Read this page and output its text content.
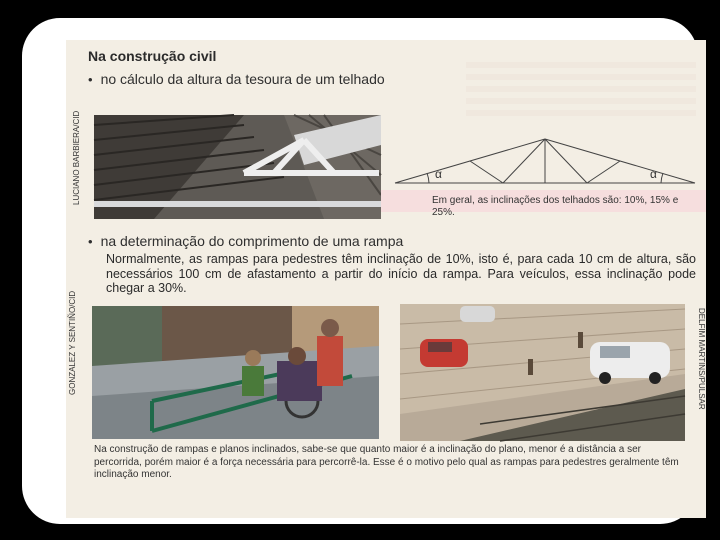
Na construção civil
• no cálculo da altura da tesoura de um telhado
LUCIANO BARBIERA/CID	α	α
Em geral, as inclinações dos telhados são: 10%, 15% e 25%.
• na determinação do comprimento de uma rampa
Normalmente, as rampas para pedestres têm inclinação de 10%, isto é, para cada 10 cm de altura, são necessários 100 cm de afastamento a partir do início da rampa. Para veículos, essa inclinação pode chegar a 30%.
GONZALEZ Y SENTIÑO/CID	DELFIM MARTINS/PULSAR
Na construção de rampas e planos inclinados, sabe-se que quanto maior é a inclinação do plano, menor é a distância a ser percorrida, porém maior é a força necessária para percorrê-la. Esse é o motivo pelo qual as rampas para pedestres geralmente têm inclinação menor.
